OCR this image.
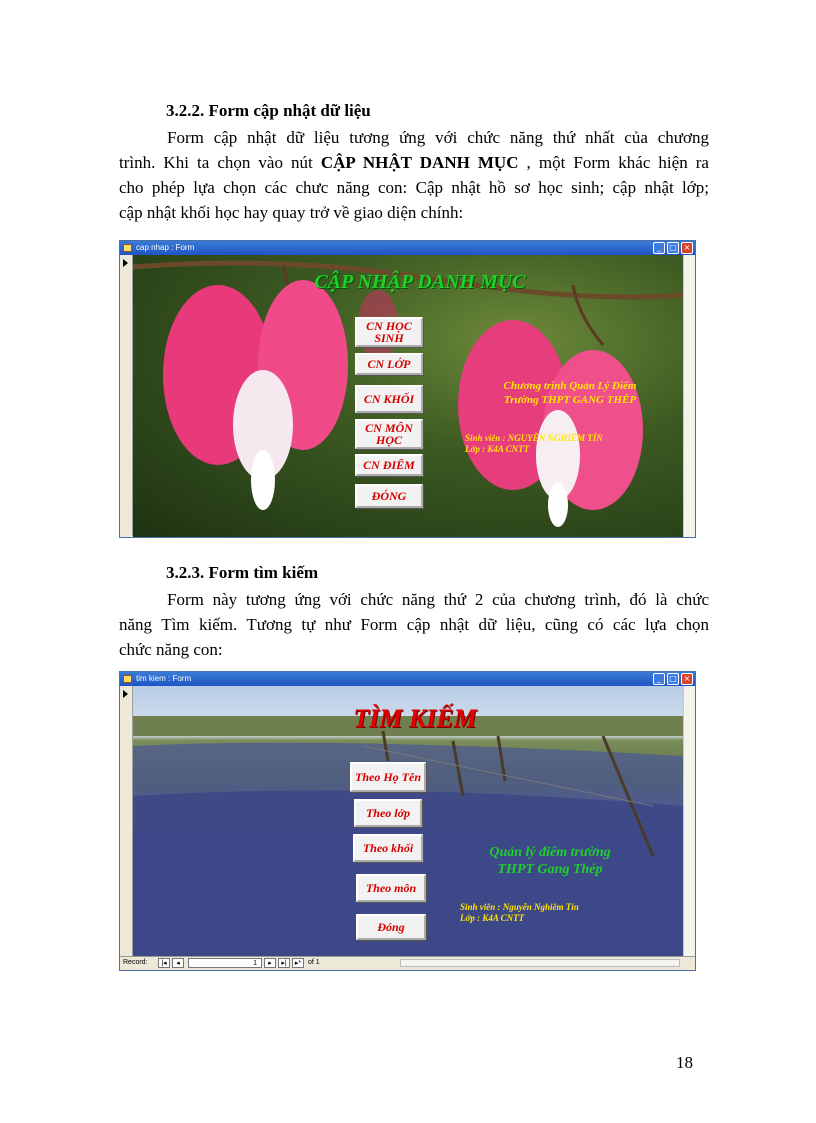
3.2.2. Form cập nhật dữ liệu
Form cập nhật dữ liệu tương ứng với chức năng thứ nhất của chương
trình. Khi ta chọn vào nút CẬP NHẬT DANH MỤC , một Form khác hiện ra
cho phép lựa chọn các chưc năng con: Cập nhật hồ sơ học sinh; cập nhật lớp;
cập nhật khối học hay quay trở về giao diện chính:
cap nhap : Form	_	□ ×
CẬP NHẬP DANH MỤC
CN HỌC SINH
CN LỚP
CN KHỐI
CN MÔN HỌC
CN ĐIỂM
ĐÓNG
Chương trình Quản Lý Điểm
Trường THPT GANG THÉP
Sinh viên : NGUYỄN NGHIÊM TÍN
Lớp : K4A CNTT
3.2.3. Form tìm kiếm
Form này tương ứng với chức năng thứ 2 của chương trình, đó là chức
năng Tìm kiếm. Tương tự như Form cập nhật dữ liệu, cũng có các lựa chọn
chức năng con:
tim kiem : Form	_	□ ×
TÌM KIẾM
Theo Họ Tên
Theo lớp
Theo khối
Theo môn
Đóng
Quản lý điểm trường
THPT Gang Thép
Sinh viên : Nguyễn Nghiêm Tín
Lớp : K4A CNTT
Record:	|◂	◂	1	▸	▸|	▸* of 1
18
